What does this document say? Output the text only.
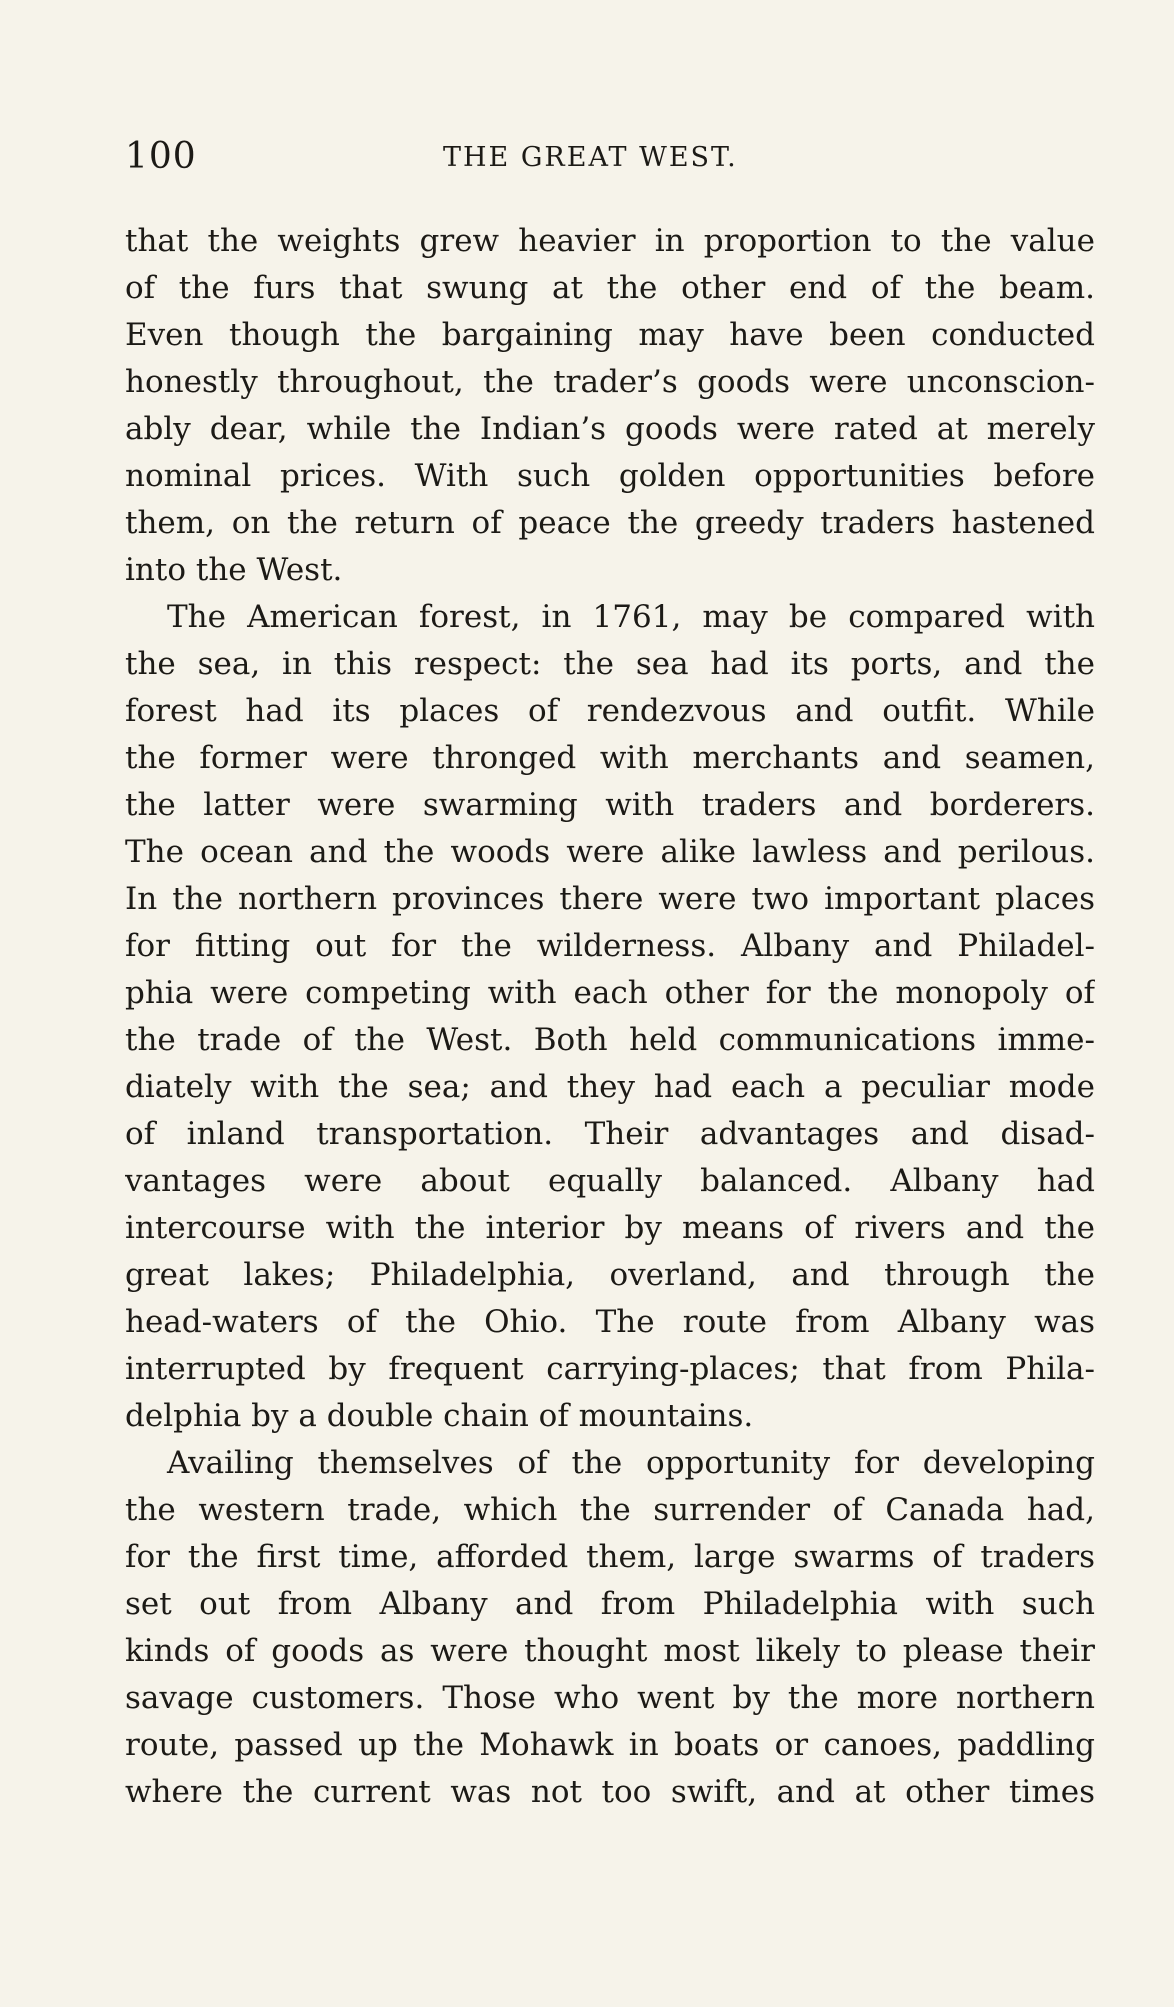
100	THE GREAT WEST.
that the weights grew heavier in proportion to the value
of the furs that swung at the other end of the beam.
Even though the bargaining may have been conducted
honestly throughout, the trader’s goods were unconscion-
ably dear, while the Indian’s goods were rated at merely
nominal prices. With such golden opportunities before
them, on the return of peace the greedy traders hastened
into the West.
The American forest, in 1761, may be compared with
the sea, in this respect: the sea had its ports, and the
forest had its places of rendezvous and outfit. While
the former were thronged with merchants and seamen,
the latter were swarming with traders and borderers.
The ocean and the woods were alike lawless and perilous.
In the northern provinces there were two important places
for fitting out for the wilderness. Albany and Philadel-
phia were competing with each other for the monopoly of
the trade of the West. Both held communications imme-
diately with the sea; and they had each a peculiar mode
of inland transportation. Their advantages and disad-
vantages were about equally balanced. Albany had
intercourse with the interior by means of rivers and the
great lakes; Philadelphia, overland, and through the
head-waters of the Ohio. The route from Albany was
interrupted by frequent carrying-places; that from Phila-
delphia by a double chain of mountains.
Availing themselves of the opportunity for developing
the western trade, which the surrender of Canada had,
for the first time, afforded them, large swarms of traders
set out from Albany and from Philadelphia with such
kinds of goods as were thought most likely to please their
savage customers. Those who went by the more northern
route, passed up the Mohawk in boats or canoes, paddling
where the current was not too swift, and at other times
